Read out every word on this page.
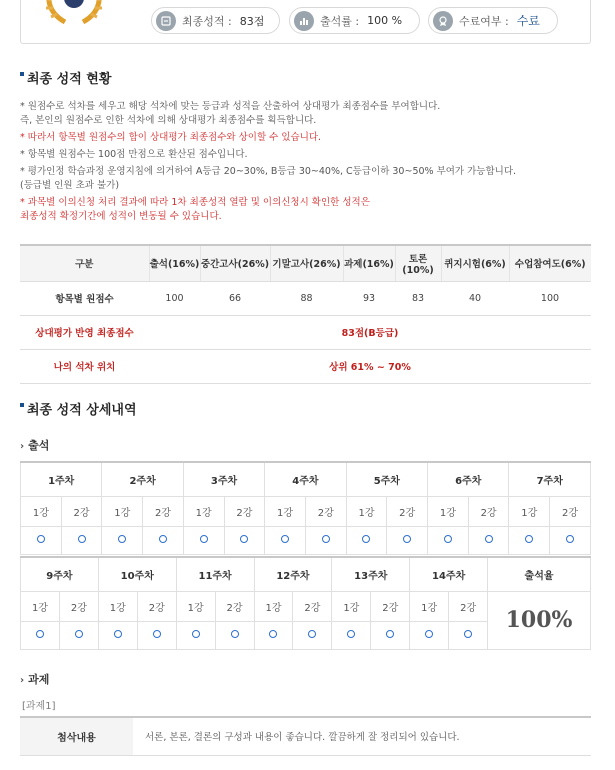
최종성적 : 83점	출석률 : 100 %	수료여부 : 수료
최종 성적 현황
* 원점수로 석차를 세우고 해당 석차에 맞는 등급과 성적을 산출하여 상대평가 최종점수를 부여합니다.
즉, 본인의 원점수로 인한 석차에 의해 상대평가 최종점수를 획득합니다.
* 따라서 항목별 원점수의 합이 상대평가 최종점수와 상이할 수 있습니다.
* 항목별 원점수는 100점 만점으로 환산된 점수입니다.
* 평가인정 학습과정 운영지침에 의거하여 A등급 20~30%, B등급 30~40%, C등급이하 30~50% 부여가 가능합니다.
(등급별 인원 초과 불가)
* 과목별 이의신청 처리 결과에 따라 1차 최종성적 열람 및 이의신청시 확인한 성적은
최종성적 확정기간에 성적이 변동될 수 있습니다.
구분	출석(16%)	중간고사(26%)	기말고사(26%)	과제(16%)	토론(10%)	퀴지시험(6%)	수업참여도(6%)
항목별 원점수	100	66	88	93	83	40	100
상대평가 반영 최종점수	83점(B등급)						
나의 석차 위치	상위 61% ~ 70%						
최종 성적 상세내역
› 출석
1주차		2주차		3주차		4주차		5주차		6주차		7주차	
1강	2강	1강	2강	1강	2강	1강	2강	1강	2강	1강	2강	1강	2강

9주차		10주차		11주차		12주차		13주차		14주차		출석율
1강	2강	1강	2강	1강	2강	1강	2강	1강	2강	1강	2강	100%

› 과제
[과제1]
첨삭내용	서론, 본론, 결론의 구성과 내용이 좋습니다. 깔끔하게 잘 정리되어 있습니다.
